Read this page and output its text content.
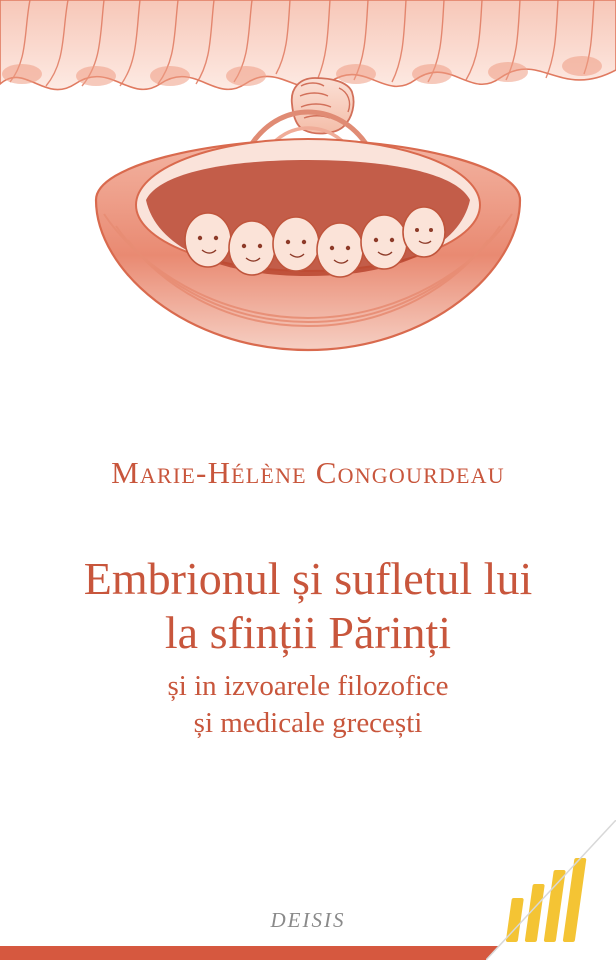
Marie-Hélène Congourdeau
Embrionul și sufletul lui
la sfinții Părinți
și in izvoarele filozofice
și medicale grecești
DEISIS
